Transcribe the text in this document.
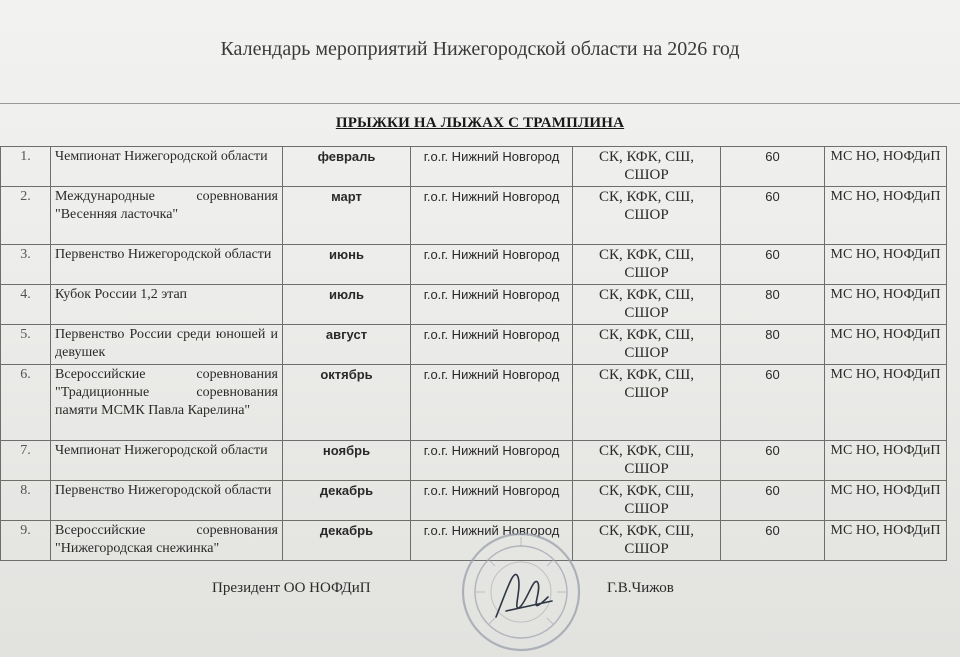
Календарь мероприятий Нижегородской области на 2026 год
ПРЫЖКИ НА ЛЫЖАХ С ТРАМПЛИНА
1.	Чемпионат Нижегородской области	февраль	г.о.г. Нижний Новгород	СК, КФК, СШ, СШОР	60	МС НО, НОФДиП
2.	Международные соревнования "Весенняя ласточка"	март	г.о.г. Нижний Новгород	СК, КФК, СШ, СШОР	60	МС НО, НОФДиП
3.	Первенство Нижегородской области	июнь	г.о.г. Нижний Новгород	СК, КФК, СШ, СШОР	60	МС НО, НОФДиП
4.	Кубок России 1,2 этап	июль	г.о.г. Нижний Новгород	СК, КФК, СШ, СШОР	80	МС НО, НОФДиП
5.	Первенство России среди юношей и девушек	август	г.о.г. Нижний Новгород	СК, КФК, СШ, СШОР	80	МС НО, НОФДиП
6.	Всероссийские соревнования "Традиционные соревнования памяти МСМК Павла Карелина"	октябрь	г.о.г. Нижний Новгород	СК, КФК, СШ, СШОР	60	МС НО, НОФДиП
7.	Чемпионат Нижегородской области	ноябрь	г.о.г. Нижний Новгород	СК, КФК, СШ, СШОР	60	МС НО, НОФДиП
8.	Первенство Нижегородской области	декабрь	г.о.г. Нижний Новгород	СК, КФК, СШ, СШОР	60	МС НО, НОФДиП
9.	Всероссийские соревнования "Нижегородская снежинка"	декабрь	г.о.г. Нижний Новгород	СК, КФК, СШ, СШОР	60	МС НО, НОФДиП
Президент ОО НОФДиП	Г.В.Чижов
